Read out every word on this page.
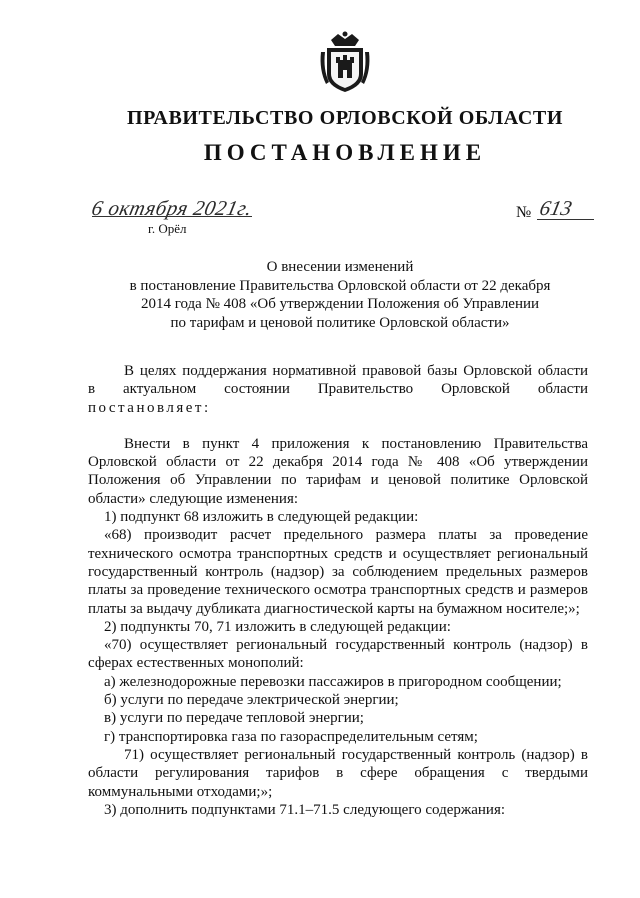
ПРАВИТЕЛЬСТВО ОРЛОВСКОЙ ОБЛАСТИ
ПОСТАНОВЛЕНИЕ
6 октября 2021г.
г. Орёл
№ 613
О внесении изменений
в постановление Правительства Орловской области от 22 декабря
2014 года № 408 «Об утверждении Положения об Управлении
по тарифам и ценовой политике Орловской области»
В целях поддержания нормативной правовой базы Орловской области
в актуальном состоянии Правительство Орловской области
постановляет:
Внести в пункт 4 приложения к постановлению Правительства Орловской области от 22 декабря 2014 года № 408 «Об утверждении Положения об Управлении по тарифам и ценовой политике Орловской области» следующие изменения:
1) подпункт 68 изложить в следующей редакции:
«68) производит расчет предельного размера платы за проведение технического осмотра транспортных средств и осуществляет региональный государственный контроль (надзор) за соблюдением предельных размеров платы за проведение технического осмотра транспортных средств и размеров платы за выдачу дубликата диагностической карты на бумажном носителе;»;
2) подпункты 70, 71 изложить в следующей редакции:
«70) осуществляет региональный государственный контроль (надзор) в сферах естественных монополий:
а) железнодорожные перевозки пассажиров в пригородном сообщении;
б) услуги по передаче электрической энергии;
в) услуги по передаче тепловой энергии;
г) транспортировка газа по газораспределительным сетям;
71) осуществляет региональный государственный контроль (надзор) в области регулирования тарифов в сфере обращения с твердыми коммунальными отходами;»;
3) дополнить подпунктами 71.1–71.5 следующего содержания:
